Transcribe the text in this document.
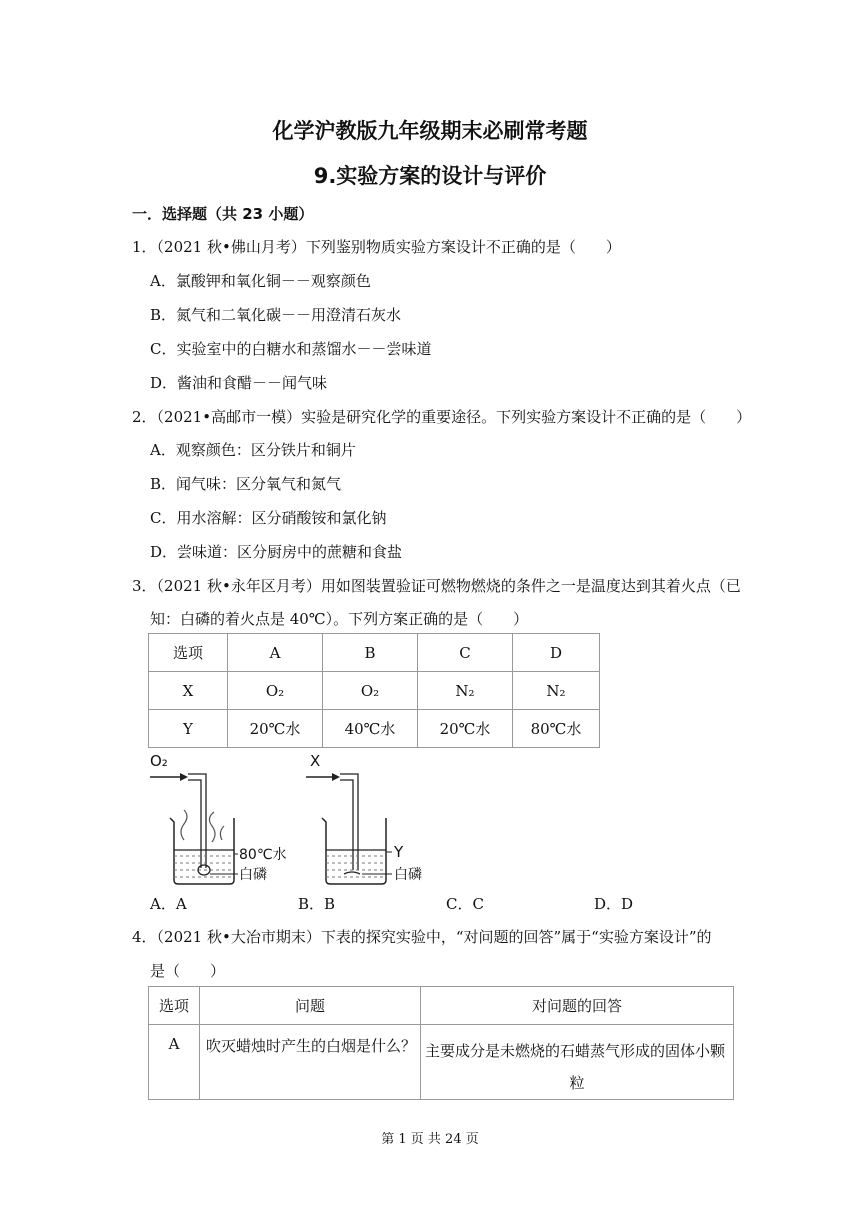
化学沪教版九年级期末必刷常考题
9.实验方案的设计与评价
一．选择题（共 23 小题）
1．（2021 秋•佛山月考）下列鉴别物质实验方案设计不正确的是（　　）
A．氯酸钾和氧化铜－－观察颜色
B．氮气和二氧化碳－－用澄清石灰水
C．实验室中的白糖水和蒸馏水－－尝味道
D．酱油和食醋－－闻气味
2．（2021•高邮市一模）实验是研究化学的重要途径。下列实验方案设计不正确的是（　　）
A．观察颜色：区分铁片和铜片
B．闻气味：区分氧气和氮气
C．用水溶解：区分硝酸铵和氯化钠
D．尝味道：区分厨房中的蔗糖和食盐
3．（2021 秋•永年区月考）用如图装置验证可燃物燃烧的条件之一是温度达到其着火点（已
知：白磷的着火点是 40℃）。下列方案正确的是（　　）
选项	A	B	C	D
X	O₂	O₂	N₂	N₂
Y	20℃水	40℃水	20℃水	80℃水
O₂
80℃水
白磷
X
Y
白磷
A．A	B．B	C．C	D．D
4．（2021 秋•大冶市期末）下表的探究实验中，“对问题的回答”属于“实验方案设计”的
是（　　）
选项	问题	对问题的回答
A	吹灭蜡烛时产生的白烟是什么？	主要成分是未燃烧的石蜡蒸气形成的固体小颗
粒
第 1 页 共 24 页
